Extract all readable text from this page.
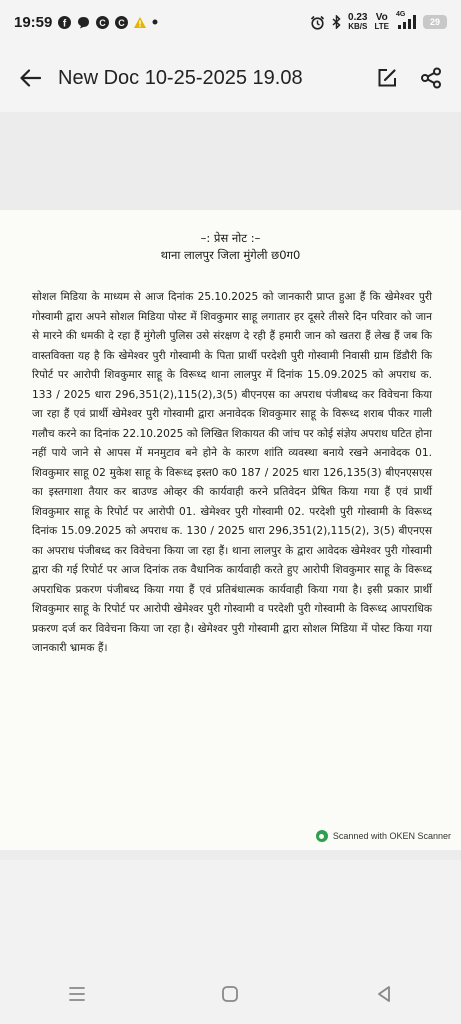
19:59 f	C C	0.23
KB/S
Vo
LTE
4G
29
New Doc 10-25-2025 19.08
–: प्रेस नोट :–
थाना लालपुर जिला मुंगेली छ0ग0
सोशल मिडिया के माध्यम से आज दिनांक 25.10.2025 को जानकारी प्राप्त हुआ हैं कि खेमेश्वर पुरी गोस्वामी द्वारा अपने सोशल मिडिया पोस्ट में शिवकुमार साहू लगातार हर दूसरे तीसरे दिन परिवार को जान से मारने की धमकी दे रहा हैं मुंगेली पुलिस उसे संरक्षण दे रही हैं हमारी जान को खतरा हैं लेख हैं जब कि वास्तविक्ता यह है कि खेमेश्वर पुरी गोस्वामी के पिता प्रार्थी परदेशी पुरी गोस्वामी निवासी ग्राम डिंडौरी कि रिपोर्ट पर आरोपी शिवकुमार साहू के विरूध्द थाना लालपुर में दिनांक 15.09.2025 को अपराध क. 133 / 2025 धारा 296,351(2),115(2),3(5) बीएनएस का अपराध पंजीबध्द कर विवेचना किया जा रहा हैं एवं प्रार्थी खेमेश्वर पुरी गोस्वामी द्वारा अनावेदक शिवकुमार साहू के विरूध्द शराब पीकर गाली गलौच करने का दिनांक 22.10.2025 को लिखित शिकायत की जांच पर कोई संज्ञेय अपराध घटित होना नहीं पाये जाने से आपस में मनमुटाव बने होने के कारण शांति व्यवस्था बनाये रखने अनावेदक 01. शिवकुमार साहू 02 मुकेश साहू के विरूध्द इस्त0 क0 187 / 2025 धारा 126,135(3) बीएनएसएस का इस्तगाशा तैयार कर बाउण्ड ओव्हर की कार्यवाही करने प्रतिवेदन प्रेषित किया गया हैं एवं प्रार्थी शिवकुमार साहू के रिपोर्ट पर आरोपी 01. खेमेश्वर पुरी गोस्वामी 02. परदेशी पुरी गोस्वामी के विरूध्द दिनांक 15.09.2025 को अपराध क. 130 / 2025 धारा 296,351(2),115(2), 3(5) बीएनएस का अपराध पंजीबध्द कर विवेचना किया जा रहा हैं। थाना लालपुर के द्वारा आवेदक खेमेश्वर पुरी गोस्वामी द्वारा की गई रिपोर्ट पर आज दिनांक तक वैधानिक कार्यवाही करते हुए आरोपी शिवकुमार साहू के विरूध्द अपराधिक प्रकरण पंजीबध्द किया गया हैं एवं प्रतिबंधात्मक कार्यवाही किया गया है। इसी प्रकार प्रार्थी शिवकुमार साहू के रिपोर्ट पर आरोपी खेमेश्वर पुरी गोस्वामी व परदेशी पुरी गोस्वामी के विरूध्द आपराधिक प्रकरण दर्ज कर विवेचना किया जा रहा है। खेमेश्वर पुरी गोस्वामी द्वारा सोशल मिडिया में पोस्ट किया गया जानकारी भ्रामक हैं।
Scanned with OKEN Scanner
